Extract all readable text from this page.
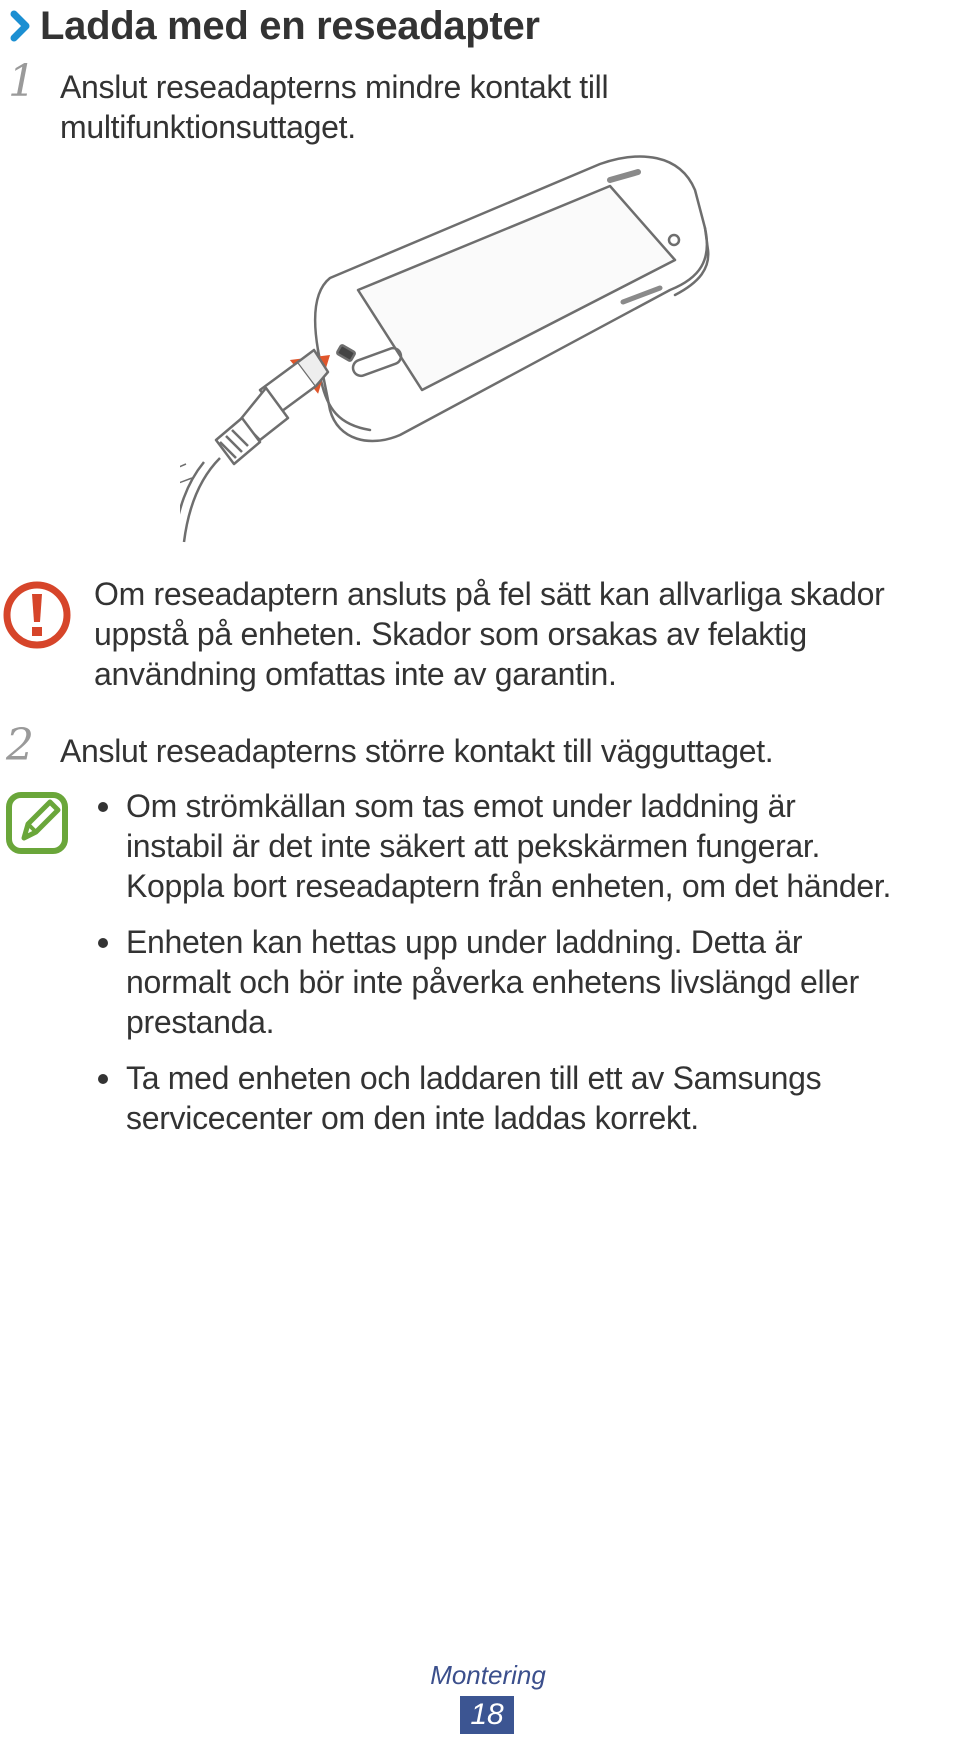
Ladda med en reseadapter
1 Anslut reseadapterns mindre kontakt till
multifunktionsuttaget.
Om reseadaptern ansluts på fel sätt kan allvarliga skador
uppstå på enheten. Skador som orsakas av felaktig
användning omfattas inte av garantin.
2 Anslut reseadapterns större kontakt till vägguttaget.
Om strömkällan som tas emot under laddning är
instabil är det inte säkert att pekskärmen fungerar.
Koppla bort reseadaptern från enheten, om det händer.
Enheten kan hettas upp under laddning. Detta är
normalt och bör inte påverka enhetens livslängd eller
prestanda.
Ta med enheten och laddaren till ett av Samsungs
servicecenter om den inte laddas korrekt.
Montering
18
